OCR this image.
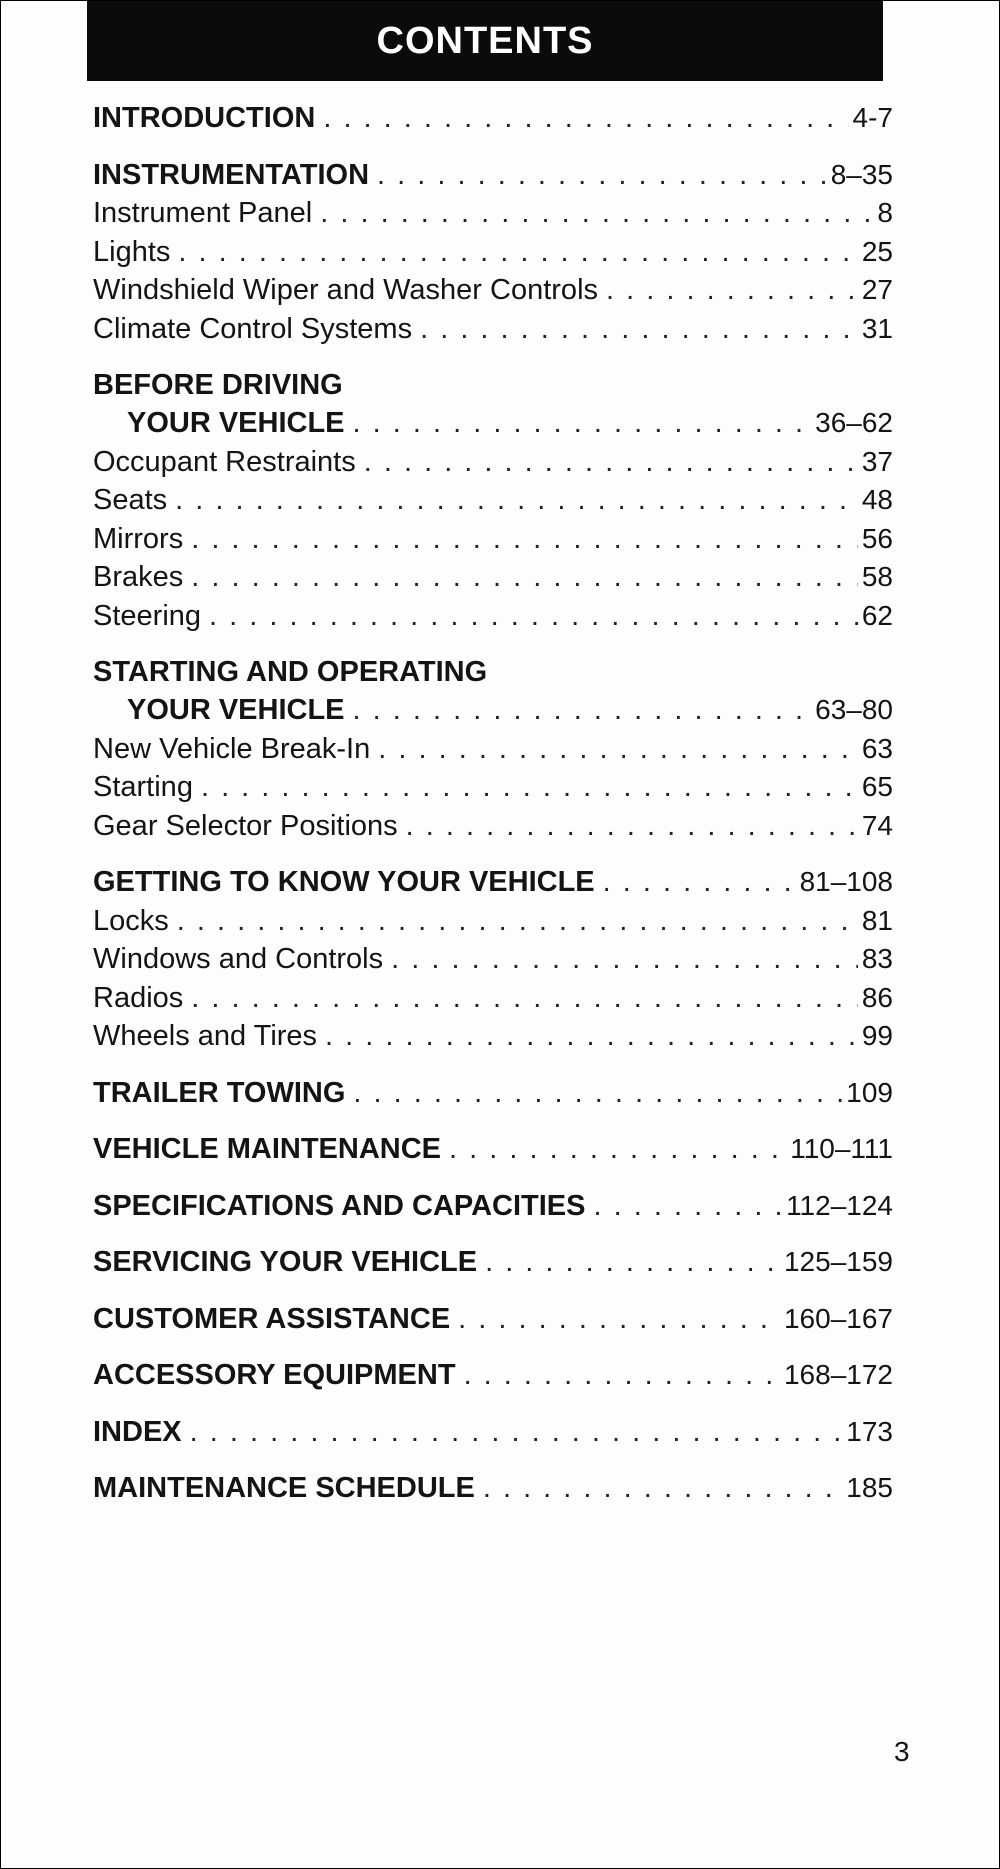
CONTENTS
INTRODUCTION . . .	4-7
INSTRUMENTATION . . .	8–35
Instrument Panel . . .	8
Lights . . .	25
Windshield Wiper and Washer Controls . . .	27
Climate Control Systems . . .	31
BEFORE DRIVING
YOUR VEHICLE . . .	36–62
Occupant Restraints . . .	37
Seats . . .	48
Mirrors . . .	56
Brakes . . .	58
Steering . . .	62
STARTING AND OPERATING
YOUR VEHICLE . . .	63–80
New Vehicle Break-In . . .	63
Starting . . .	65
Gear Selector Positions . . .	74
GETTING TO KNOW YOUR VEHICLE . . .	81–108
Locks . . .	81
Windows and Controls . . .	83
Radios . . .	86
Wheels and Tires . . .	99
TRAILER TOWING . . .	109
VEHICLE MAINTENANCE . . .	110–111
SPECIFICATIONS AND CAPACITIES . . .	112–124
SERVICING YOUR VEHICLE . . .	125–159
CUSTOMER ASSISTANCE . . .	160–167
ACCESSORY EQUIPMENT . . .	168–172
INDEX . . .	173
MAINTENANCE SCHEDULE . . .	185
3
